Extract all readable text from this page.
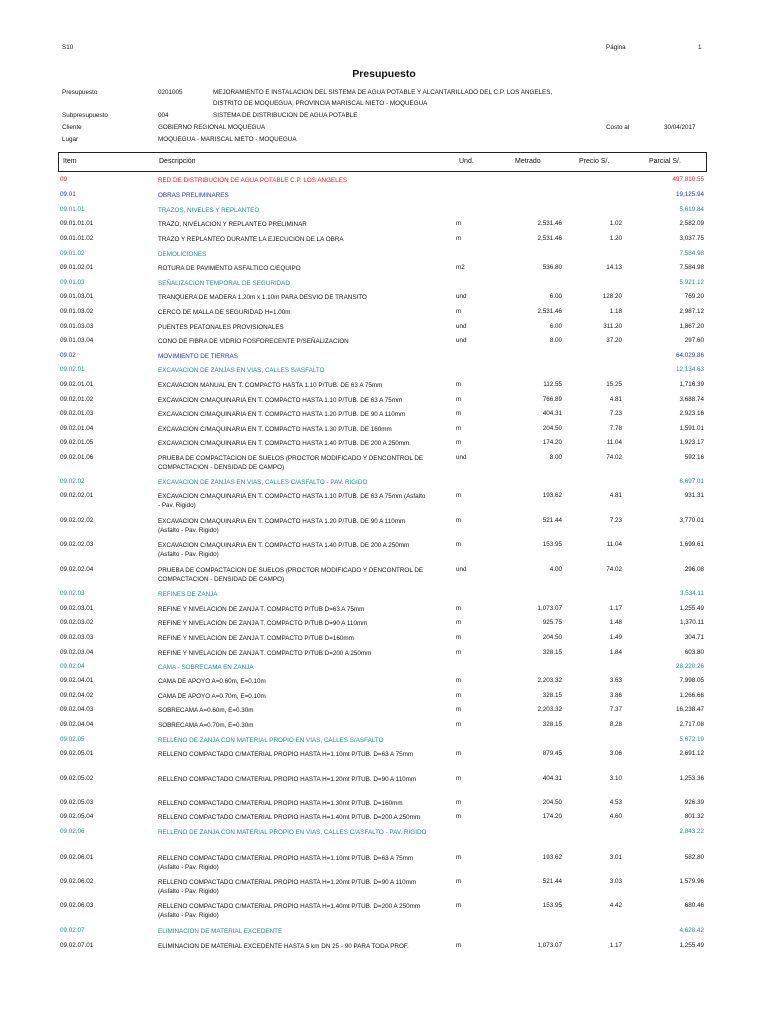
S10	Página	1
Presupuesto
Presupuesto	0201005	MEJORAMIENTO E INSTALACION DEL SISTEMA DE AGUA POTABLE Y ALCANTARILLADO DEL C.P. LOS ANGELES,
DISTRITO DE MOQUEGUA, PROVINCIA MARISCAL NIETO - MOQUEGUA
Subpresupuesto	004	SISTEMA DE DISTRIBUCION DE AGUA POTABLE
Cliente	GOBIERNO REGIONAL MOQUEGUA	Costo al	30/04/2017
Lugar	MOQUEGUA - MARISCAL NIETO - MOQUEGUA
Item	Descripción	Und.	Metrado	Precio S/.	Parcial S/.
09	RED DE DISTRIBUCION DE AGUA POTABLE C.P. LOS ANGELES	497,810.55
09.01	OBRAS PRELIMINARES	19,125.94
09.01.01	TRAZOS, NIVELES Y REPLANTEO	5,619.84
09.01.01.01	TRAZO, NIVELACION Y REPLANTEO PRELIMINAR	m	2,531.46	1.02	2,582.09
09.01.01.02	TRAZO Y REPLANTEO DURANTE LA EJECUCION DE LA OBRA	m	2,531.46	1.20	3,037.75
09.01.02	DEMOLICIONES	7,584.98
09.01.02.01	ROTURA DE PAVIMENTO ASFALTICO C/EQUIPO	m2	536.80	14.13	7,584.98
09.01.03	SEÑALIZACION TEMPORAL DE SEGURIDAD	5,921.12
09.01.03.01	TRANQUERA DE MADERA 1.20m x 1.10m PARA DESVIO DE TRANSITO	und	6.00	128.20	769.20
09.01.03.02	CERCO DE MALLA DE SEGURIDAD H=1.00m	m	2,531.46	1.18	2,987.12
09.01.03.03	PUENTES PEATONALES PROVISIONALES	und	6.00	311.20	1,867.20
09.01.03.04	CONO DE FIBRA DE VIDRIO FOSFORECENTE P/SEÑALIZACION	und	8.00	37.20	297.60
09.02	MOVIMIENTO DE TIERRAS	64,029.86
09.02.01	EXCAVACION DE ZANJAS EN VIAS, CALLES S/ASFALTO	12,134.63
09.02.01.01	EXCAVACION MANUAL EN T. COMPACTO HASTA 1.10 P/TUB. DE 63 A 75mm	m	112.55	15.25	1,716.39
09.02.01.02	EXCAVACION C/MAQUINARIA EN T. COMPACTO HASTA 1.10 P/TUB. DE 63 A 75mm	m	766.89	4.81	3,688.74
09.02.01.03	EXCAVACION C/MAQUINARIA EN T. COMPACTO HASTA 1.20 P/TUB. DE 90 A 110mm	m	404.31	7.23	2,923.16
09.02.01.04	EXCAVACION C/MAQUINARIA EN T. COMPACTO HASTA 1.30 P/TUB. DE 160mm	m	204.50	7.78	1,591.01
09.02.01.05	EXCAVACION C/MAQUINARIA EN T. COMPACTO HASTA 1.40 P/TUB. DE 200 A 250mm	m	174.20	11.04	1,923.17
09.02.01.06	PRUEBA DE COMPACTACION DE SUELOS (PROCTOR MODIFICADO Y DENCONTROL DE COMPACTACION - DENSIDAD DE CAMPO)
und	8.00	74.02	592.16
09.02.02	EXCAVACION DE ZANJAS EN VIAS, CALLES C/ASFALTO - PAV. RIGIDO	6,697.01
09.02.02.01	EXCAVACION C/MAQUINARIA EN T. COMPACTO HASTA 1.10 P/TUB. DE 63 A 75mm (Asfalto - Pav. Rigido)
m	193.62	4.81	931.31
09.02.02.02	EXCAVACION C/MAQUINARIA EN T. COMPACTO HASTA 1.20 P/TUB. DE 90 A 110mm (Asfalto - Pav. Rigido)
m	521.44	7.23	3,770.01
09.02.02.03	EXCAVACION C/MAQUINARIA EN T. COMPACTO HASTA 1.40 P/TUB. DE 200 A 250mm (Asfalto - Pav. Rigido)
m	153.95	11.04	1,699.61
09.02.02.04	PRUEBA DE COMPACTACION DE SUELOS (PROCTOR MODIFICADO Y DENCONTROL DE COMPACTACION - DENSIDAD DE CAMPO)
und	4.00	74.02	296.08
09.02.03	REFINES DE ZANJA	3,534.11
09.02.03.01	REFINE Y NIVELACION DE ZANJA T. COMPACTO P/TUB D=63 A 75mm	m	1,073.07	1.17	1,255.49
09.02.03.02	REFINE Y NIVELACION DE ZANJA T. COMPACTO P/TUB D=90 A 110mm	m	925.75	1.48	1,370.11
09.02.03.03	REFINE Y NIVELACION DE ZANJA T. COMPACTO P/TUB D=160mm	m	204.50	1.49	304.71
09.02.03.04	REFINE Y NIVELACION DE ZANJA T. COMPACTO P/TUB D=200 A 250mm	m	328.15	1.84	603.80
09.02.04	CAMA - SOBRECAMA EN ZANJA	28,220.26
09.02.04.01	CAMA DE APOYO A=0.60m, E=0.10m	m	2,203.32	3.63	7,998.05
09.02.04.02	CAMA DE APOYO A=0.70m, E=0.10m	m	328.15	3.86	1,266.66
09.02.04.03	SOBRECAMA A=0.60m, E=0.30m	m	2,203.32	7.37	16,238.47
09.02.04.04	SOBRECAMA A=0.70m, E=0.30m	m	328.15	8.28	2,717.08
09.02.05	RELLENO DE ZANJA CON MATERIAL PROPIO EN VIAS, CALLES S/ASFALTO	5,672.19
09.02.05.01	RELLENO COMPACTADO C/MATERIAL PROPIO HASTA H=1.10mt P/TUB. D=63 A 75mm	m	879.45	3.06	2,691.12
09.02.05.02	RELLENO COMPACTADO C/MATERIAL PROPIO HASTA H=1.20mt P/TUB. D=90 A 110mm	m	404.31	3.10	1,253.36
09.02.05.03	RELLENO COMPACTADO C/MATERIAL PROPIO HASTA H=1.30mt P/TUB. D=160mm	m	204.50	4.53	926.39
09.02.05.04	RELLENO COMPACTADO C/MATERIAL PROPIO HASTA H=1.40mt P/TUB. D=200 A 250mm	m	174.20	4.60	801.32
09.02.06	RELLENO DE ZANJA CON MATERIAL PROPIO EN VIAS, CALLES C/ASFALTO - PAV. RIGIDO	2,843.22
09.02.06.01	RELLENO COMPACTADO C/MATERIAL PROPIO HASTA H=1.10mt P/TUB. D=63 A 75mm (Asfalto - Pav. Rigido)
m	193.62	3.01	582.80
09.02.06.02	RELLENO COMPACTADO C/MATERIAL PROPIO HASTA H=1.20mt P/TUB. D=90 A 110mm (Asfalto - Pav. Rigido)
m	521.44	3.03	1,579.96
09.02.06.03	RELLENO COMPACTADO C/MATERIAL PROPIO HASTA H=1.40mt P/TUB. D=200 A 250mm (Asfalto - Pav. Rigido)
m	153.95	4.42	680.46
09.02.07	ELIMINACION DE MATERIAL EXCEDENTE	4,628.42
09.02.07.01	ELIMINACION DE MATERIAL EXCEDENTE HASTA 5 km DN 25 - 90 PARA TODA PROF.	m	1,073.07	1.17	1,255.49
